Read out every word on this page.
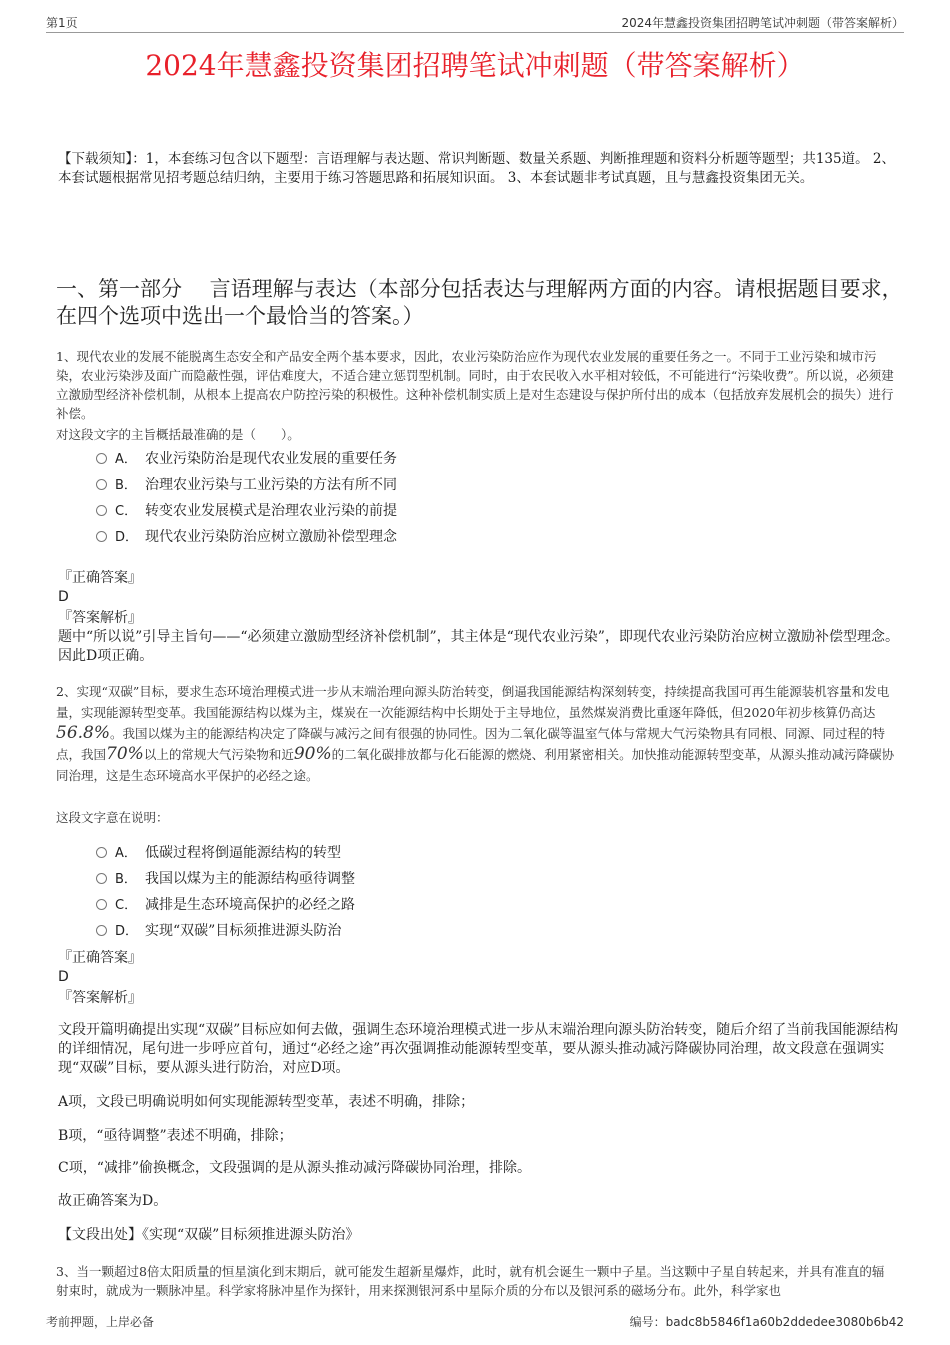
第1页	2024年慧鑫投资集团招聘笔试冲刺题（带答案解析）
2024年慧鑫投资集团招聘笔试冲刺题（带答案解析）
【下载须知】：1，本套练习包含以下题型：言语理解与表达题、常识判断题、数量关系题、判断推理题和资料分析题等题型；共135道。 2、本套试题根据常见招考题总结归纳，主要用于练习答题思路和拓展知识面。 3、本套试题非考试真题，且与慧鑫投资集团无关。
一、第一部分　 言语理解与表达（本部分包括表达与理解两方面的内容。请根据题目要求，在四个选项中选出一个最恰当的答案。）
1、现代农业的发展不能脱离生态安全和产品安全两个基本要求，因此，农业污染防治应作为现代农业发展的重要任务之一。不同于工业污染和城市污染，农业污染涉及面广而隐蔽性强，评估难度大，不适合建立惩罚型机制。同时，由于农民收入水平相对较低，不可能进行“污染收费”。所以说，必须建立激励型经济补偿机制，从根本上提高农户防控污染的积极性。这种补偿机制实质上是对生态建设与保护所付出的成本（包括放弃发展机会的损失）进行补偿。
对这段文字的主旨概括最准确的是（　　）。
A． 农业污染防治是现代农业发展的重要任务
B． 治理农业污染与工业污染的方法有所不同
C． 转变农业发展模式是治理农业污染的前提
D． 现代农业污染防治应树立激励补偿型理念
『正确答案』
D
『答案解析』
题中“所以说”引导主旨句——“必须建立激励型经济补偿机制”，其主体是“现代农业污染”，即现代农业污染防治应树立激励补偿型理念。因此D项正确。
2、实现“双碳”目标，要求生态环境治理模式进一步从末端治理向源头防治转变，倒逼我国能源结构深刻转变，持续提高我国可再生能源装机容量和发电量，实现能源转型变革。我国能源结构以煤为主，煤炭在一次能源结构中长期处于主导地位，虽然煤炭消费比重逐年降低，但2020年初步核算仍高达56.8%。我国以煤为主的能源结构决定了降碳与减污之间有很强的协同性。因为二氧化碳等温室气体与常规大气污染物具有同根、同源、同过程的特点，我国70%以上的常规大气污染物和近90%的二氧化碳排放都与化石能源的燃烧、利用紧密相关。加快推动能源转型变革，从源头推动减污降碳协同治理，这是生态环境高水平保护的必经之途。
这段文字意在说明：
A． 低碳过程将倒逼能源结构的转型
B． 我国以煤为主的能源结构亟待调整
C． 减排是生态环境高保护的必经之路
D． 实现“双碳”目标须推进源头防治
『正确答案』
D
『答案解析』
文段开篇明确提出实现“双碳”目标应如何去做，强调生态环境治理模式进一步从末端治理向源头防治转变，随后介绍了当前我国能源结构的详细情况，尾句进一步呼应首句，通过“必经之途”再次强调推动能源转型变革，要从源头推动减污降碳协同治理，故文段意在强调实现“双碳”目标，要从源头进行防治，对应D项。
A项，文段已明确说明如何实现能源转型变革，表述不明确，排除；
B项，“亟待调整”表述不明确，排除；
C项，“减排”偷换概念，文段强调的是从源头推动减污降碳协同治理，排除。
故正确答案为D。
【文段出处】《实现“双碳”目标须推进源头防治》
3、当一颗超过8倍太阳质量的恒星演化到末期后，就可能发生超新星爆炸，此时，就有机会诞生一颗中子星。当这颗中子星自转起来，并具有准直的辐射束时，就成为一颗脉冲星。科学家将脉冲星作为探针，用来探测银河系中星际介质的分布以及银河系的磁场分布。此外，科学家也
考前押题，上岸必备	编号：badc8b5846f1a60b2ddedee3080b6b42
